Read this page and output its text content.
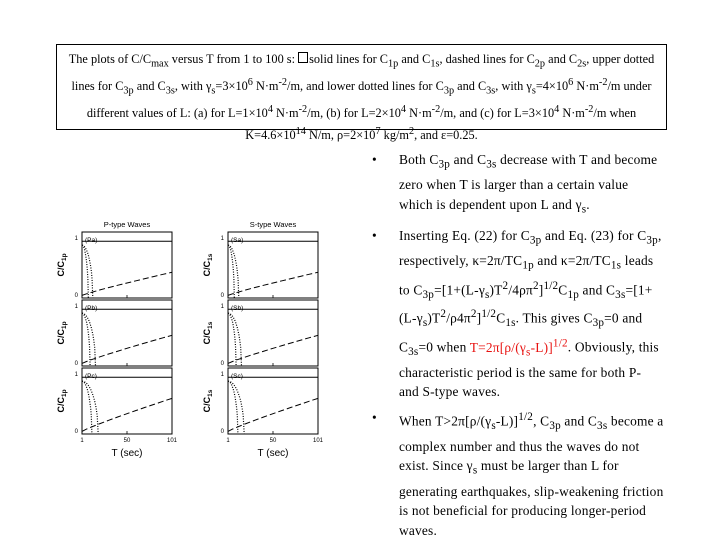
The plots of $C/C_{max}$ versus T from 1 to 100 s: solid lines for $C_{1p}$ and $C_{1s}$, dashed lines for $C_{2p}$ and $C_{2s}$, upper dotted lines for $C_{3p}$ and $C_{3s}$, with $\gamma_s=3\times 10^6$ $N\cdot m^{-2}/m$, and lower dotted lines for $C_{3p}$ and $C_{3s}$, with $\gamma_s=4\times 10^6$ $N\cdot m^{-2}/m$ under different values of L: (a) for $L=1\times 10^4$ $N\cdot m^{-2}/m$, (b) for $L=2\times 10^4$ $N\cdot m^{-2}/m$, and (c) for $L=3\times 10^4$ $N\cdot m^{-2}/m$ when $K=4.6\times 10^{14}$ N/m, $\rho=2\times 10^7$ $kg/m^2$, and ε=0.25.
P-type Waves
(Pa)
1
0
$C/C_{1p}$
(Pb)
1
0
$C/C_{1p}$
(Pc)
1
0
$C/C_{1p}$
1	50	101
T (sec)
S-type Waves
(Sa)
1
0
$C/C_{1s}$
(Sb)
1
0
$C/C_{1s}$
(Sc)
1
0
$C/C_{1s}$
1	50	101
T (sec)
• Both $C_{3p}$ and $C_{3s}$ decrease with T and become zero when T is larger than a certain value which is dependent upon L and $\gamma_s$.
• Inserting Eq. (22) for $C_{3p}$ and Eq. (23) for $C_{3p}$, respectively, $\kappa=2\pi/TC_{1p}$ and $\kappa=2\pi/TC_{1s}$ leads to $C_{3p}=[1+(L-\gamma_s)T^2/4\rho\pi^2]^{1/2}C_{1p}$ and $C_{3s}=[1+(L-\gamma_s)T^2/\rho 4\pi^2]^{1/2}C_{1s}$. This gives $C_{3p}=0$ and $C_{3s}=0$ when $T=2\pi[\rho/(\gamma_s-L)]^{1/2}$. Obviously, this characteristic period is the same for both P- and S-type waves.
• When $T>2\pi[\rho/(\gamma_s-L)]^{1/2}$, $C_{3p}$ and $C_{3s}$ become a complex number and thus the waves do not exist. Since $\gamma_s$ must be larger than L for generating earthquakes, slip-weakening friction is not beneficial for producing longer-period waves.
